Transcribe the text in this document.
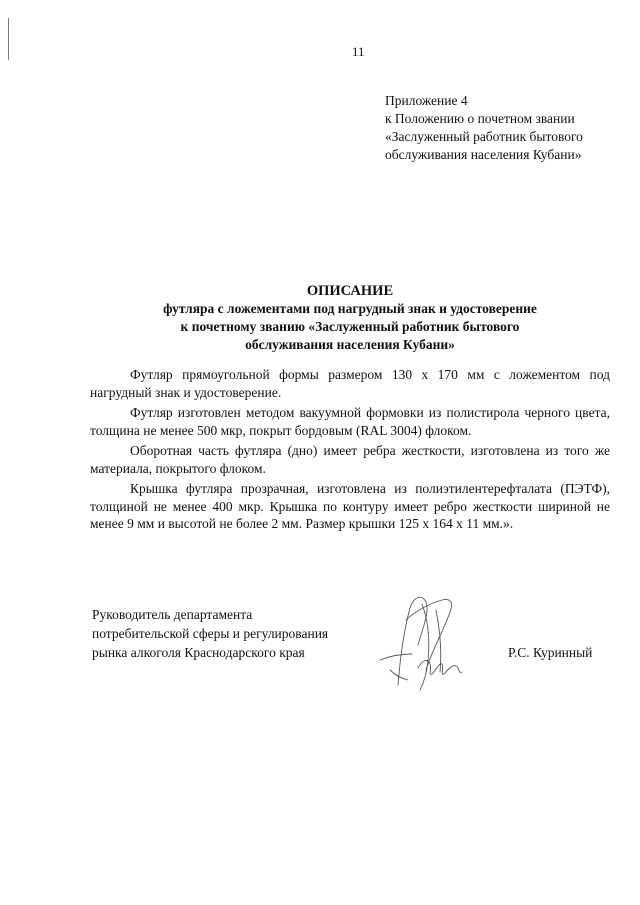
11
Приложение 4
к Положению о почетном звании
«Заслуженный работник бытового
обслуживания населения Кубани»
ОПИСАНИЕ
футляра с ложементами под нагрудный знак и удостоверение
к почетному званию «Заслуженный работник бытового
обслуживания населения Кубани»

Футляр прямоугольной формы размером 130 x 170 мм с ложементом под нагрудный знак и удостоверение.

Футляр изготовлен методом вакуумной формовки из полистирола черного цвета, толщина не менее 500 мкр, покрыт бордовым (RAL 3004) флоком.

Оборотная часть футляра (дно) имеет ребра жесткости, изготовлена из того же материала, покрытого флоком.

Крышка футляра прозрачная, изготовлена из полиэтилентерефталата (ПЭТФ), толщиной не менее 400 мкр. Крышка по контуру имеет ребро жесткости шириной не менее 9 мм и высотой не более 2 мм. Размер крышки 125 x 164 x 11 мм.».

Руководитель департамента
потребительской сферы и регулирования
рынка алкоголя Краснодарского края	Р.С. Куринный
